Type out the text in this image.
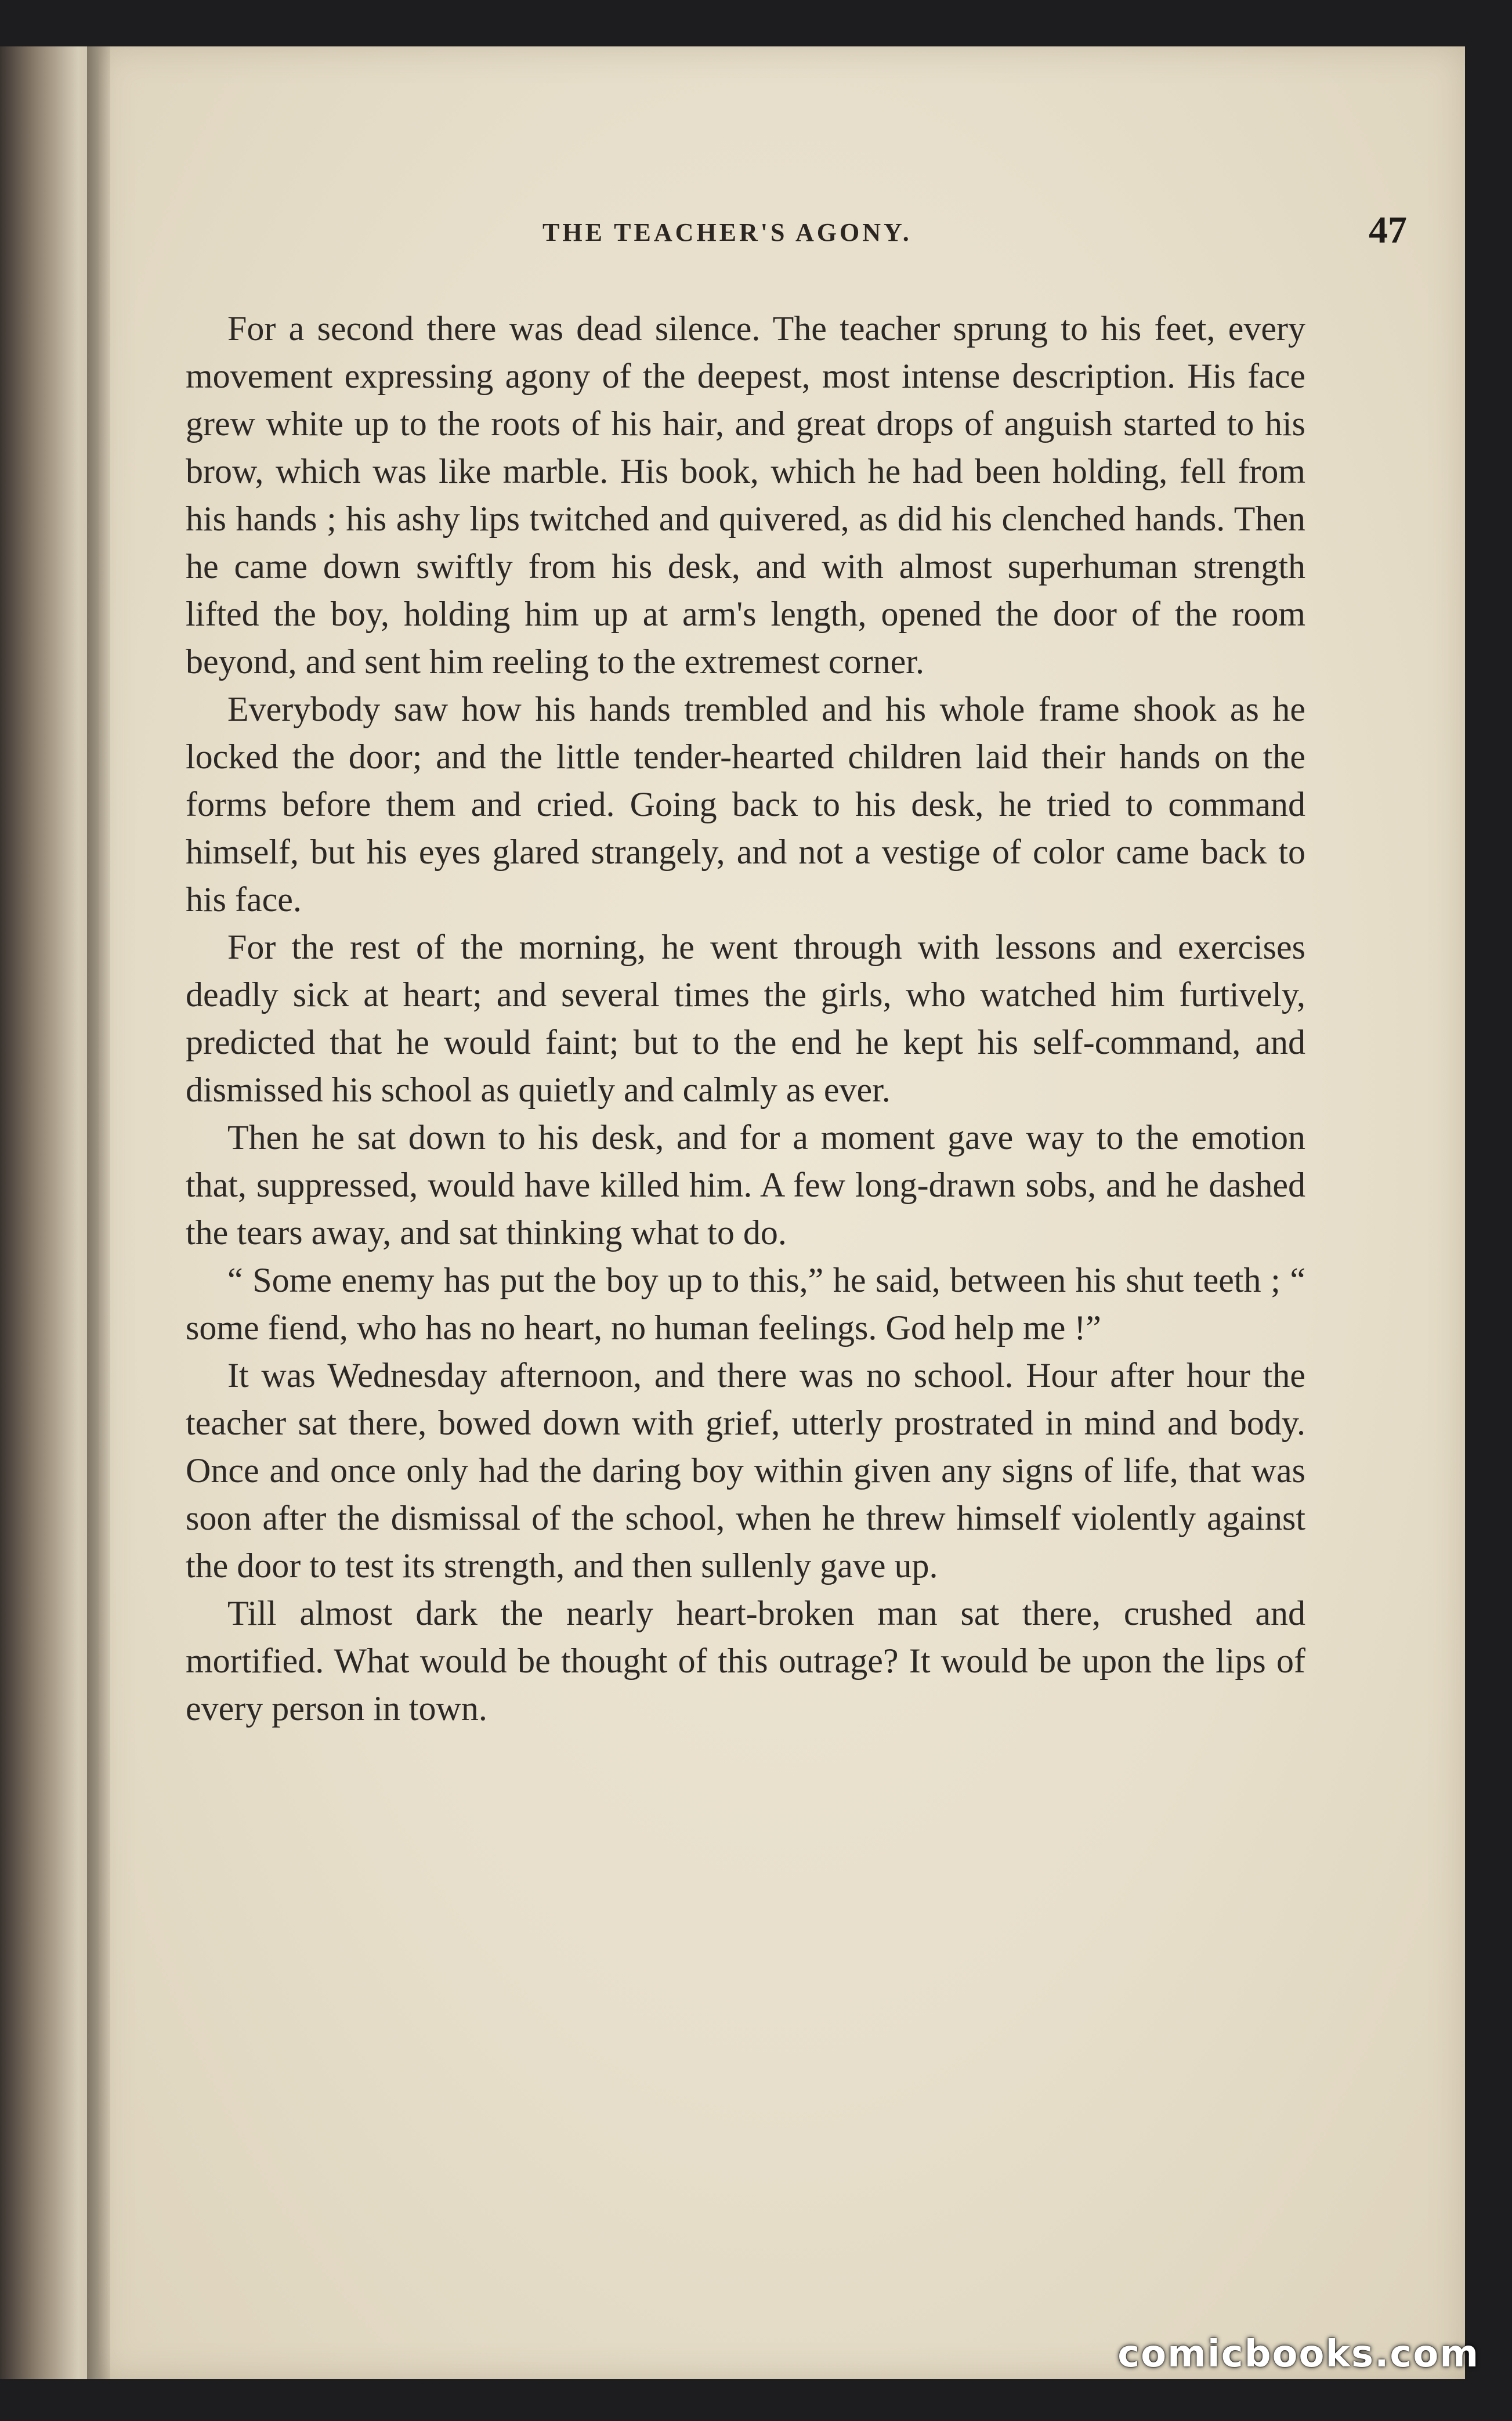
THE TEACHER'S AGONY.	47

For a second there was dead silence. The teacher sprung to his feet, every movement expressing agony of the deepest, most intense description. His face grew white up to the roots of his hair, and great drops of anguish started to his brow, which was like marble. His book, which he had been holding, fell from his hands ; his ashy lips twitched and quivered, as did his clenched hands. Then he came down swiftly from his desk, and with almost superhuman strength lifted the boy, holding him up at arm's length, opened the door of the room beyond, and sent him reeling to the extremest corner.

Everybody saw how his hands trembled and his whole frame shook as he locked the door; and the little tender-hearted children laid their hands on the forms before them and cried. Going back to his desk, he tried to command himself, but his eyes glared strangely, and not a vestige of color came back to his face.

For the rest of the morning, he went through with lessons and exercises deadly sick at heart; and several times the girls, who watched him furtively, predicted that he would faint; but to the end he kept his self-command, and dismissed his school as quietly and calmly as ever.

Then he sat down to his desk, and for a moment gave way to the emotion that, suppressed, would have killed him. A few long-drawn sobs, and he dashed the tears away, and sat thinking what to do.

“ Some enemy has put the boy up to this,” he said, between his shut teeth ; “ some fiend, who has no heart, no human feelings. God help me !”

It was Wednesday afternoon, and there was no school. Hour after hour the teacher sat there, bowed down with grief, utterly prostrated in mind and body. Once and once only had the daring boy within given any signs of life, that was soon after the dismissal of the school, when he threw himself violently against the door to test its strength, and then sullenly gave up.

Till almost dark the nearly heart-broken man sat there, crushed and mortified. What would be thought of this outrage? It would be upon the lips of every person in town.

comicbooks.com
